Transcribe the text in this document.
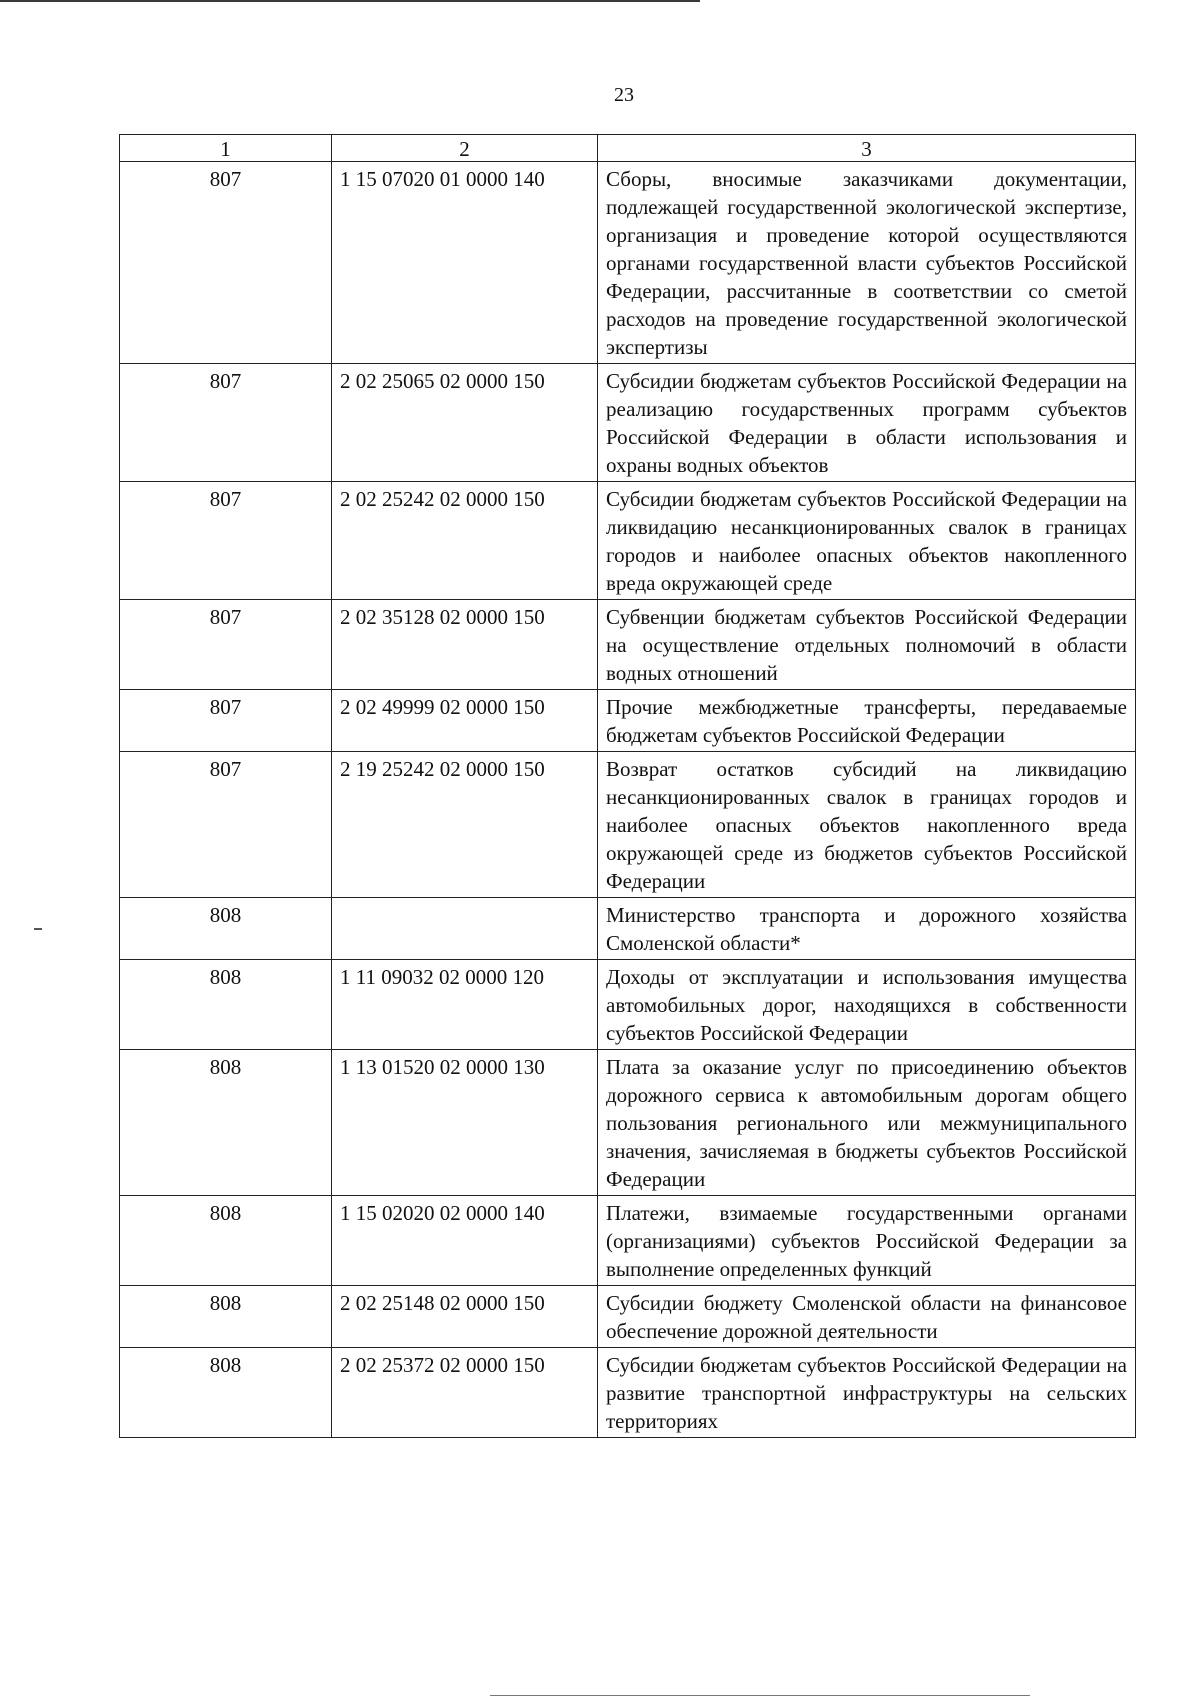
23
1	2	3
807	1 15 07020 01 0000 140	Сборы, вносимые заказчиками документации, подлежащей государственной экологической экспертизе, организация и проведение которой осуществляются органами государственной власти субъектов Российской Федерации, рассчитанные в соответствии со сметой расходов на проведение государственной экологической экспертизы
807	2 02 25065 02 0000 150	Субсидии бюджетам субъектов Российской Федерации на реализацию государственных программ субъектов Российской Федерации в области использования и охраны водных объектов
807	2 02 25242 02 0000 150	Субсидии бюджетам субъектов Российской Федерации на ликвидацию несанкционированных свалок в границах городов и наиболее опасных объектов накопленного вреда окружающей среде
807	2 02 35128 02 0000 150	Субвенции бюджетам субъектов Российской Федерации на осуществление отдельных полномочий в области водных отношений
807	2 02 49999 02 0000 150	Прочие межбюджетные трансферты, передаваемые бюджетам субъектов Российской Федерации
807	2 19 25242 02 0000 150	Возврат остатков субсидий на ликвидацию несанкционированных свалок в границах городов и наиболее опасных объектов накопленного вреда окружающей среде из бюджетов субъектов Российской Федерации
808		Министерство транспорта и дорожного хозяйства Смоленской области*
808	1 11 09032 02 0000 120	Доходы от эксплуатации и использования имущества автомобильных дорог, находящихся в собственности субъектов Российской Федерации
808	1 13 01520 02 0000 130	Плата за оказание услуг по присоединению объектов дорожного сервиса к автомобильным дорогам общего пользования регионального или межмуниципального значения, зачисляемая в бюджеты субъектов Российской Федерации
808	1 15 02020 02 0000 140	Платежи, взимаемые государственными органами (организациями) субъектов Российской Федерации за выполнение определенных функций
808	2 02 25148 02 0000 150	Субсидии бюджету Смоленской области на финансовое обеспечение дорожной деятельности
808	2 02 25372 02 0000 150	Субсидии бюджетам субъектов Российской Федерации на развитие транспортной инфраструктуры на сельских территориях
